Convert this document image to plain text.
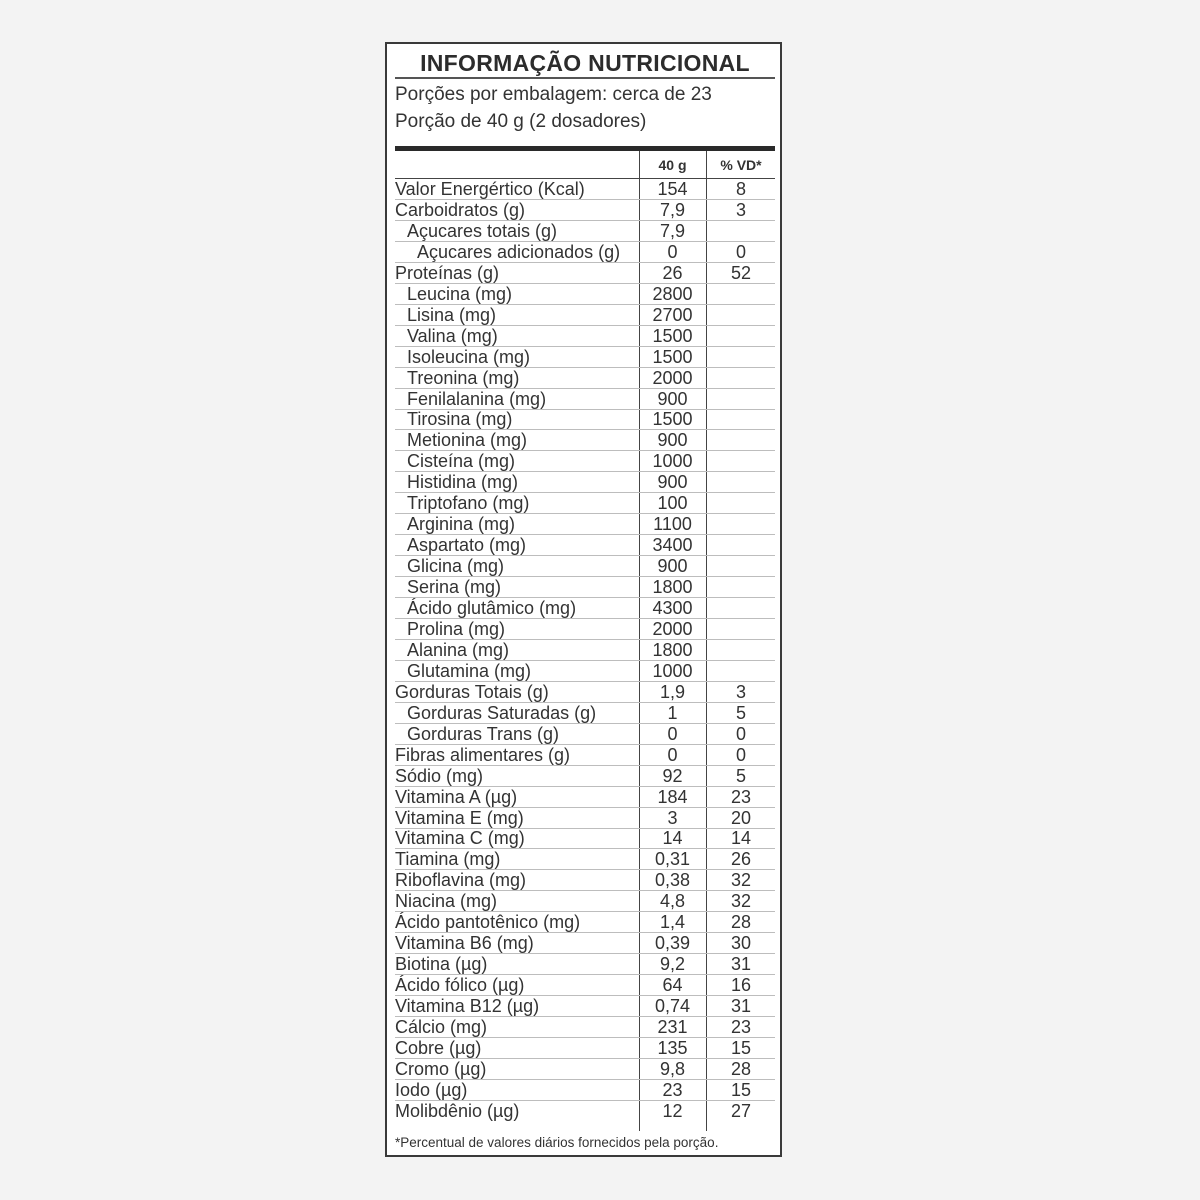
INFORMAÇÃO NUTRICIONAL
Porções por embalagem: cerca de 23
Porção de 40 g (2 dosadores)
40 g	% VD*
Valor Energértico (Kcal)	154	8
Carboidratos (g)	7,9	3
Açucares totais (g)	7,9
Açucares adicionados (g)	0	0
Proteínas (g)	26	52
Leucina (mg)	2800
Lisina (mg)	2700
Valina (mg)	1500
Isoleucina (mg)	1500
Treonina (mg)	2000
Fenilalanina (mg)	900
Tirosina (mg)	1500
Metionina (mg)	900
Cisteína (mg)	1000
Histidina (mg)	900
Triptofano (mg)	100
Arginina (mg)	1100
Aspartato (mg)	3400
Glicina (mg)	900
Serina (mg)	1800
Ácido glutâmico (mg)	4300
Prolina (mg)	2000
Alanina (mg)	1800
Glutamina (mg)	1000
Gorduras Totais (g)	1,9	3
Gorduras Saturadas (g)	1	5
Gorduras Trans (g)	0	0
Fibras alimentares (g)	0	0
Sódio (mg)	92	5
Vitamina A (µg)	184	23
Vitamina E (mg)	3	20
Vitamina C (mg)	14	14
Tiamina (mg)	0,31	26
Riboflavina (mg)	0,38	32
Niacina (mg)	4,8	32
Ácido pantotênico (mg)	1,4	28
Vitamina B6 (mg)	0,39	30
Biotina (µg)	9,2	31
Ácido fólico (µg)	64	16
Vitamina B12 (µg)	0,74	31
Cálcio (mg)	231	23
Cobre (µg)	135	15
Cromo (µg)	9,8	28
Iodo (µg)	23	15
Molibdênio (µg)	12	27
*Percentual de valores diários fornecidos pela porção.
